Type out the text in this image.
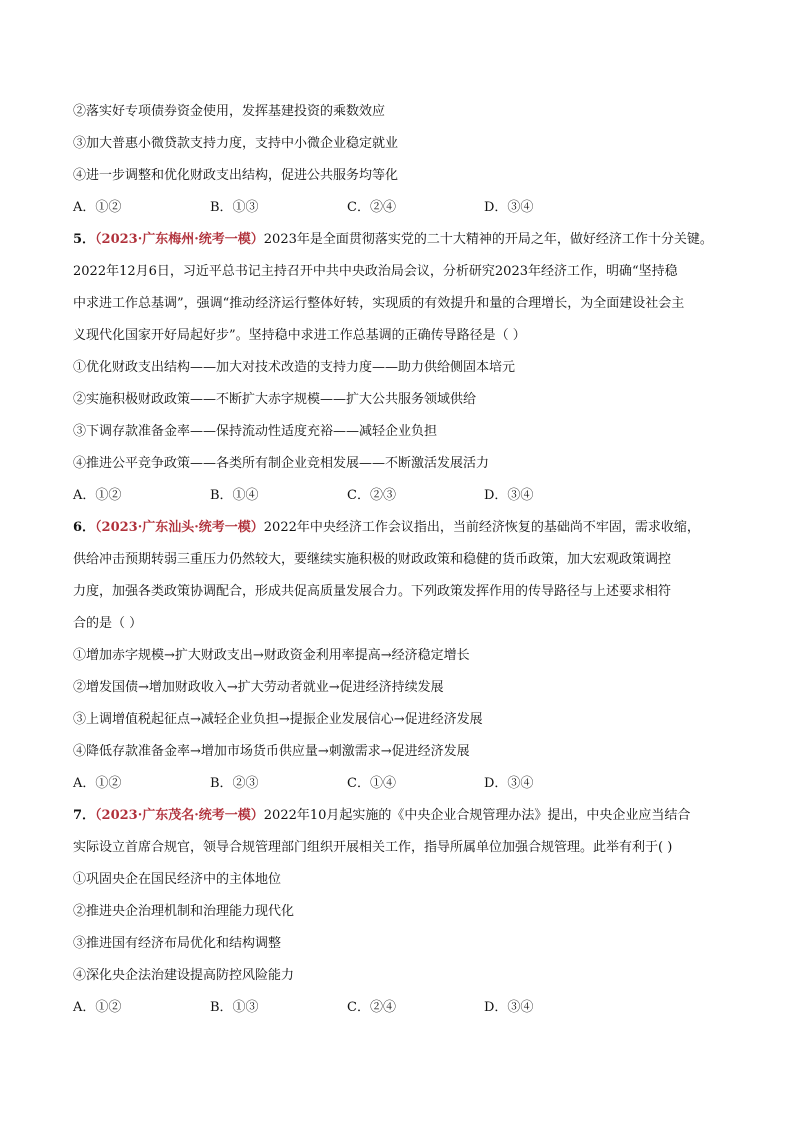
②落实好专项债券资金使用，发挥基建投资的乘数效应
③加大普惠小微贷款支持力度，支持中小微企业稳定就业
④进一步调整和优化财政支出结构，促进公共服务均等化
A．①②	B．①③	C．②④	D．③④
5．（2023·广东梅州·统考一模）2023年是全面贯彻落实党的二十大精神的开局之年，做好经济工作十分关键。
2022年12月6日，习近平总书记主持召开中共中央政治局会议，分析研究2023年经济工作，明确“坚持稳
中求进工作总基调”，强调“推动经济运行整体好转，实现质的有效提升和量的合理增长，为全面建设社会主
义现代化国家开好局起好步”。坚持稳中求进工作总基调的正确传导路径是（ ）
①优化财政支出结构——加大对技术改造的支持力度——助力供给侧固本培元
②实施积极财政政策——不断扩大赤字规模——扩大公共服务领域供给
③下调存款准备金率——保持流动性适度充裕——减轻企业负担
④推进公平竞争政策——各类所有制企业竞相发展——不断激活发展活力
A．①②	B．①④	C．②③	D．③④
6．（2023·广东汕头·统考一模）2022年中央经济工作会议指出，当前经济恢复的基础尚不牢固，需求收缩，
供给冲击预期转弱三重压力仍然较大，要继续实施积极的财政政策和稳健的货币政策，加大宏观政策调控
力度，加强各类政策协调配合，形成共促高质量发展合力。下列政策发挥作用的传导路径与上述要求相符
合的是（ ）
①增加赤字规模→扩大财政支出→财政资金利用率提高→经济稳定增长
②增发国债→增加财政收入→扩大劳动者就业→促进经济持续发展
③上调增值税起征点→减轻企业负担→提振企业发展信心→促进经济发展
④降低存款准备金率→增加市场货币供应量→刺激需求→促进经济发展
A．①②	B．②③	C．①④	D．③④
7．（2023·广东茂名·统考一模）2022年10月起实施的《中央企业合规管理办法》提出，中央企业应当结合
实际设立首席合规官，领导合规管理部门组织开展相关工作，指导所属单位加强合规管理。此举有利于( )
①巩固央企在国民经济中的主体地位
②推进央企治理机制和治理能力现代化
③推进国有经济布局优化和结构调整
④深化央企法治建设提高防控风险能力
A．①②	B．①③	C．②④	D．③④
